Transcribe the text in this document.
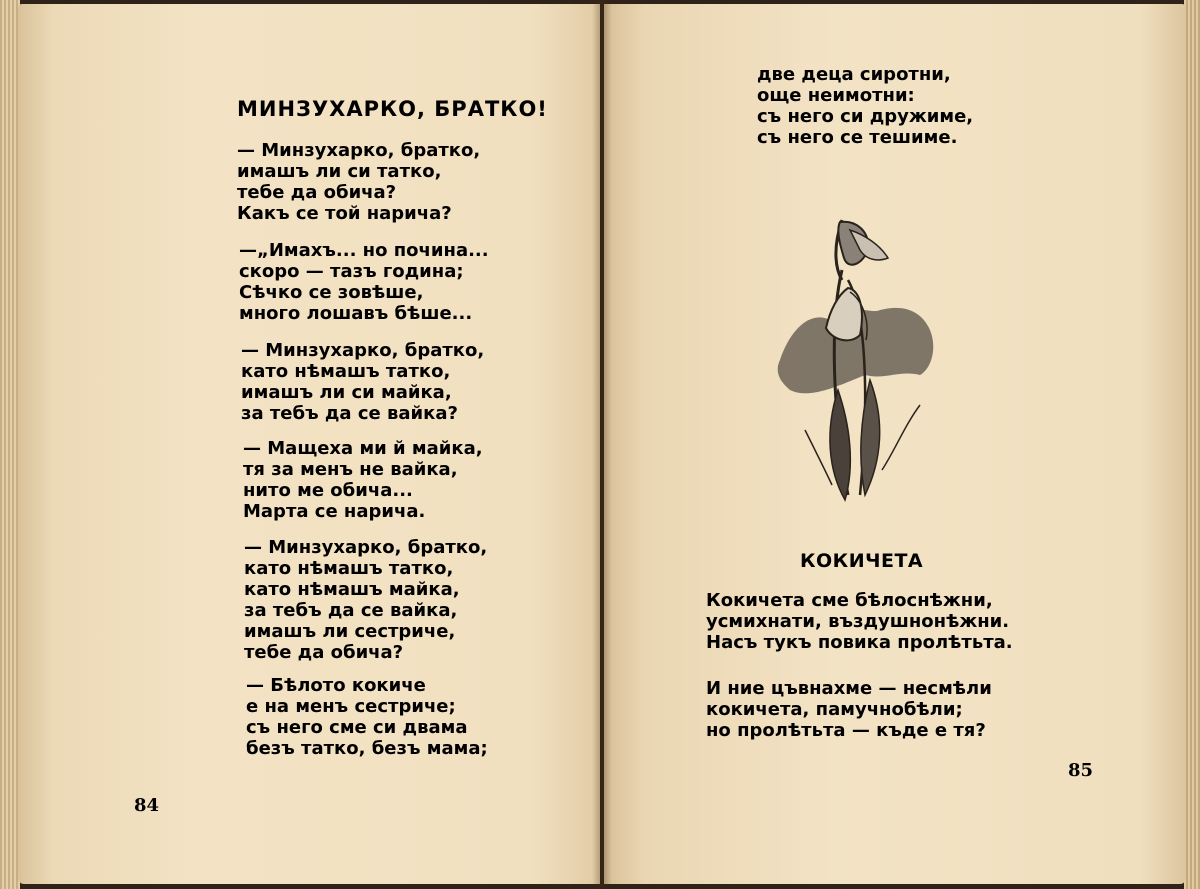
МИНЗУХАРКО, БРАТКО!
— Минзухарко, братко,
имашъ ли си татко,
тебе да обича?
Какъ се той нарича?
—„Имахъ... но почина...
скоро — тазъ година;
Сѣчко се зовѣше,
много лошавъ бѣше...
— Минзухарко, братко,
като нѣмашъ татко,
имашъ ли си майка,
за тебъ да се вайка?
— Мащеха ми й майка,
тя за менъ не вайка,
нито ме обича...
Марта се нарича.
— Минзухарко, братко,
като нѣмашъ татко,
като нѣмашъ майка,
за тебъ да се вайка,
имашъ ли сестриче,
тебе да обича?
— Бѣлото кокиче
е на менъ сестриче;
съ него сме си двама
безъ татко, безъ мама;
84
две деца сиротни,
още неимотни:
съ него си дружиме,
съ него се тешиме.
КОКИЧЕТА
Кокичета сме бѣлоснѣжни,
усмихнати, въздушнонѣжни.
Насъ тукъ повика пролѣтьта.
И ние цъвнахме — несмѣли
кокичета, памучнобѣли;
но пролѣтьта — къде е тя?
85
